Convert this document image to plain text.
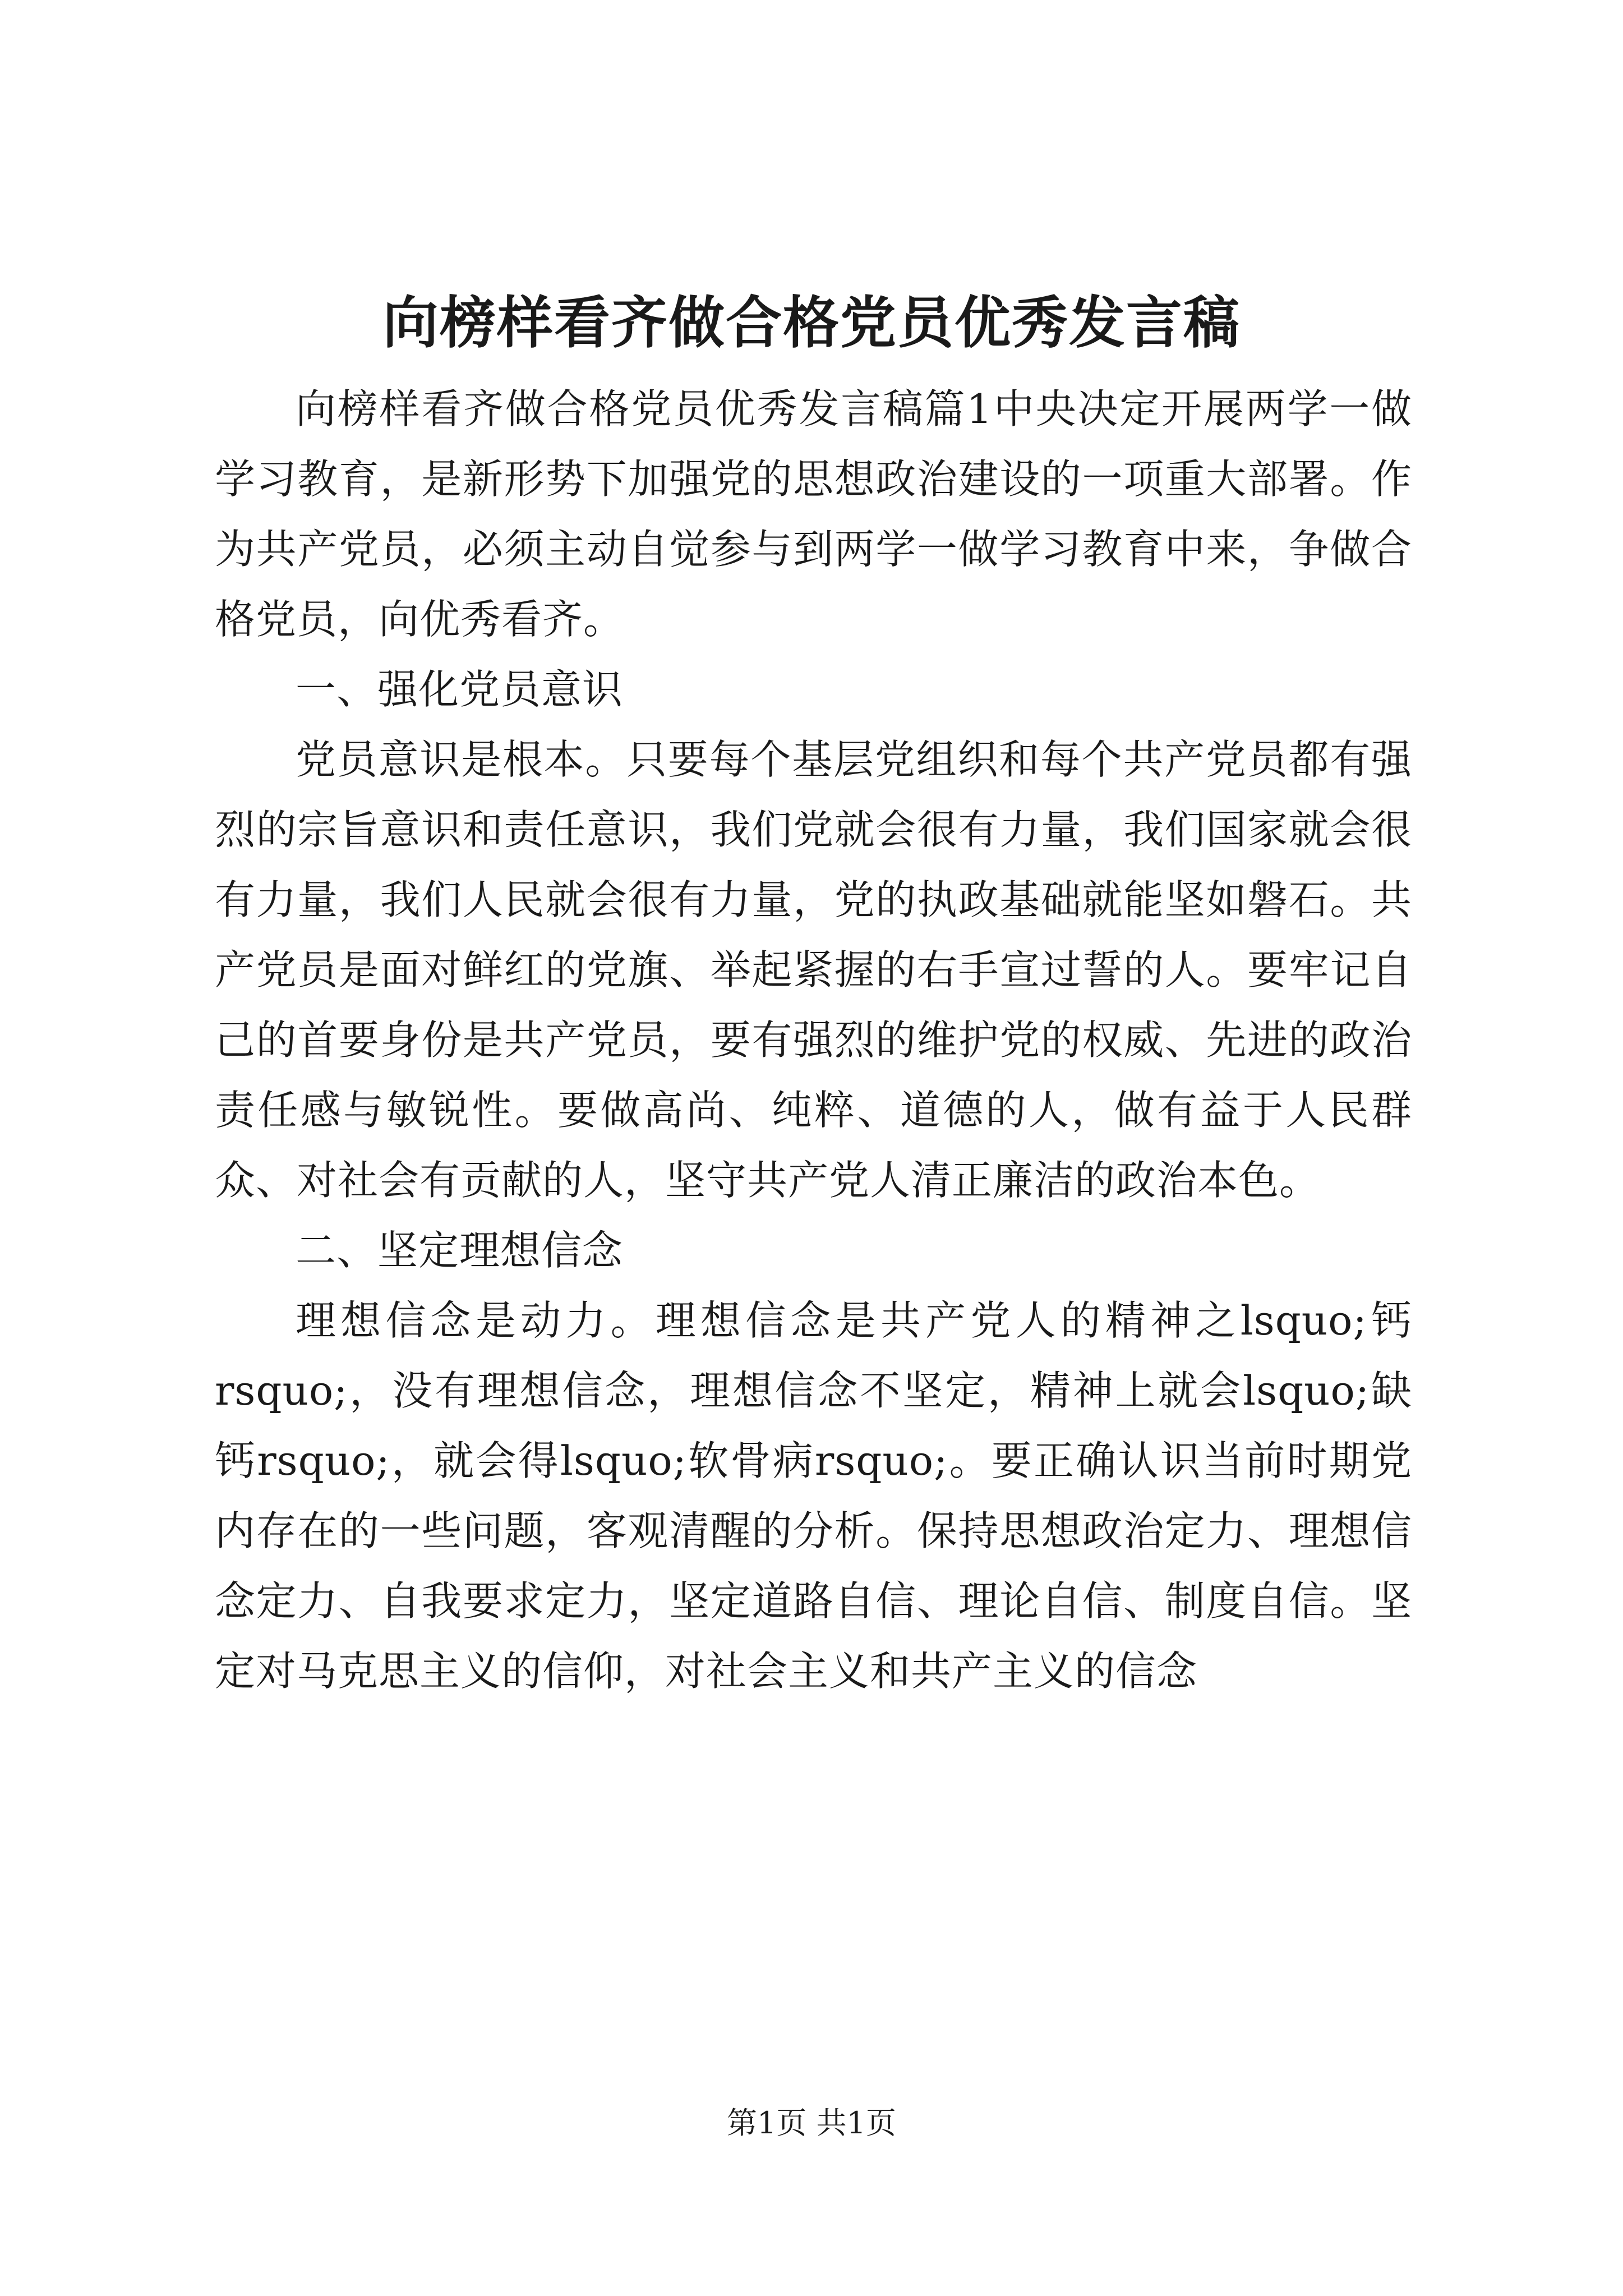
向榜样看齐做合格党员优秀发言稿

向榜样看齐做合格党员优秀发言稿篇1中央决定开展两学一做学习教育，是新形势下加强党的思想政治建设的一项重大部署。作为共产党员，必须主动自觉参与到两学一做学习教育中来，争做合格党员，向优秀看齐。

一、强化党员意识

党员意识是根本。只要每个基层党组织和每个共产党员都有强烈的宗旨意识和责任意识，我们党就会很有力量，我们国家就会很有力量，我们人民就会很有力量，党的执政基础就能坚如磐石。共产党员是面对鲜红的党旗、举起紧握的右手宣过誓的人。要牢记自己的首要身份是共产党员，要有强烈的维护党的权威、先进的政治责任感与敏锐性。要做高尚、纯粹、道德的人，做有益于人民群众、对社会有贡献的人，坚守共产党人清正廉洁的政治本色。

二、坚定理想信念

理想信念是动力。理想信念是共产党人的精神之lsquo;钙rsquo;，没有理想信念，理想信念不坚定，精神上就会lsquo;缺钙rsquo;，就会得lsquo;软骨病rsquo;。要正确认识当前时期党内存在的一些问题，客观清醒的分析。保持思想政治定力、理想信念定力、自我要求定力，坚定道路自信、理论自信、制度自信。坚定对马克思主义的信仰，对社会主义和共产主义的信念

第1页 共1页
